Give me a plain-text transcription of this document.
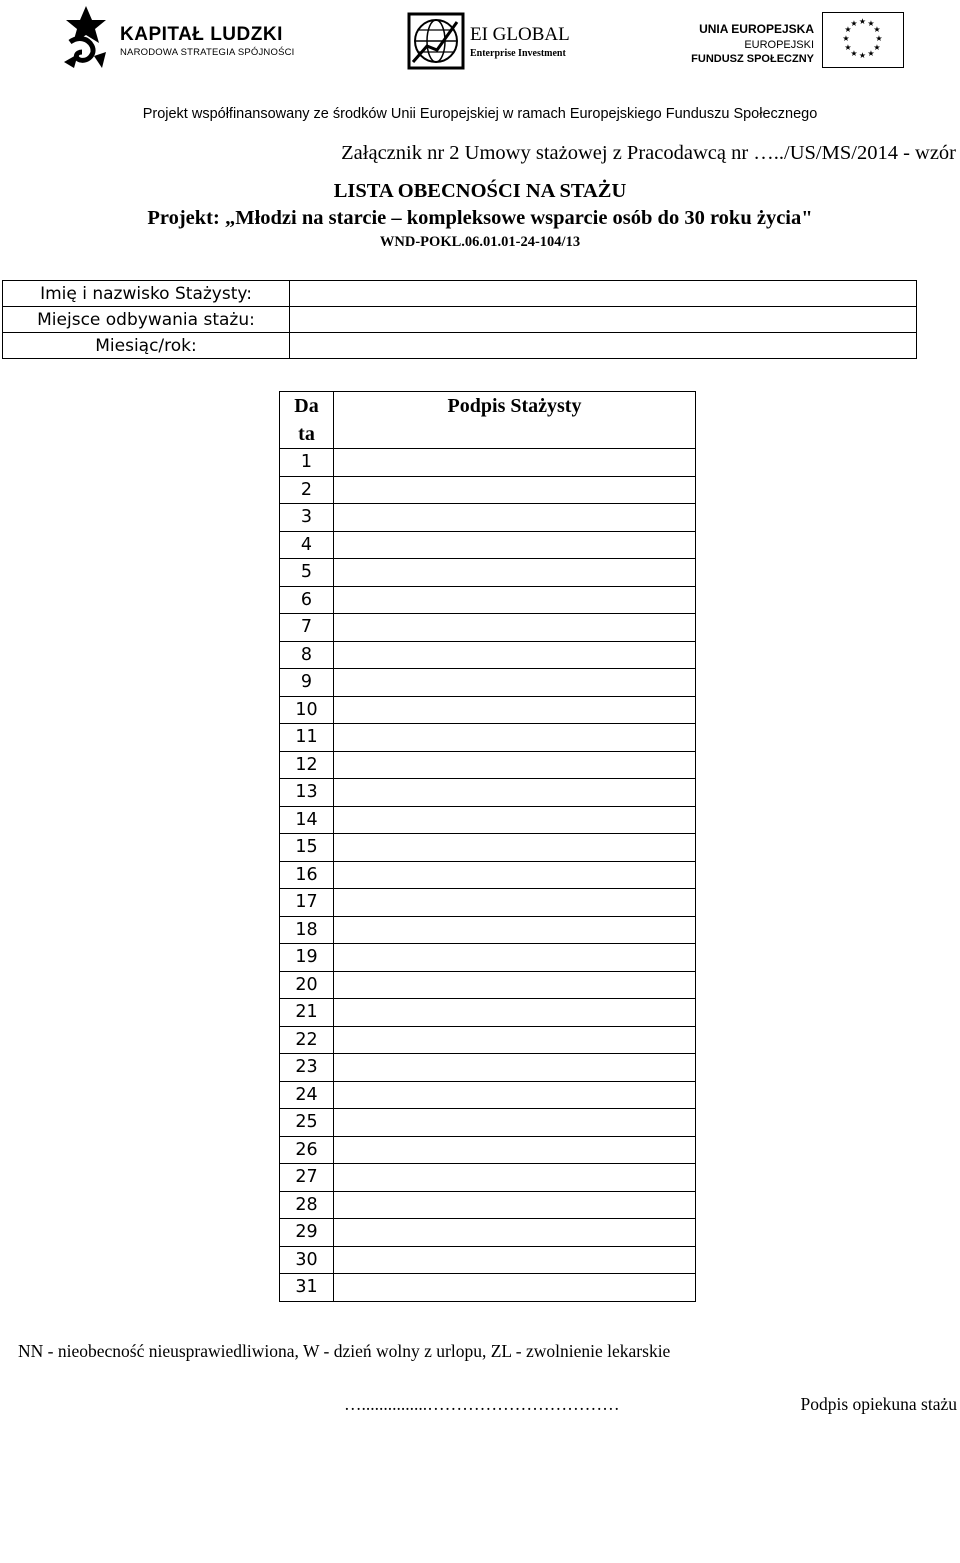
KAPITAŁ LUDZKI
NARODOWA STRATEGIA SPÓJNOŚCI
EI GLOBAL
Enterprise Investment
UNIA EUROPEJSKA
EUROPEJSKI
FUNDUSZ SPOŁECZNY
★ ★
★
★
★
★
★
★
★
★
★
★
Projekt współfinansowany ze środków Unii Europejskiej w ramach Europejskiego Funduszu Społecznego
Załącznik nr 2 Umowy stażowej z Pracodawcą nr …../US/MS/2014 - wzór
LISTA OBECNOŚCI NA STAŻU
Projekt: „Młodzi na starcie – kompleksowe wsparcie osób do 30 roku życia"
WND-POKL.06.01.01-24-104/13
Imię i nazwisko Stażysty:	
Miejsce odbywania stażu:	
Miesiąc/rok:	
Da
ta	Podpis Stażysty
1	
2	
3	
4	
5	
6	
7	
8	
9	
10	
11	
12	
13	
14	
15	
16	
17	
18	
19	
20	
21	
22	
23	
24	
25	
26	
27	
28	
29	
30	
31	
NN - nieobecność nieusprawiedliwiona, W - dzień wolny z urlopu, ZL - zwolnienie lekarskie
…...............……………………………	Podpis opiekuna stażu
